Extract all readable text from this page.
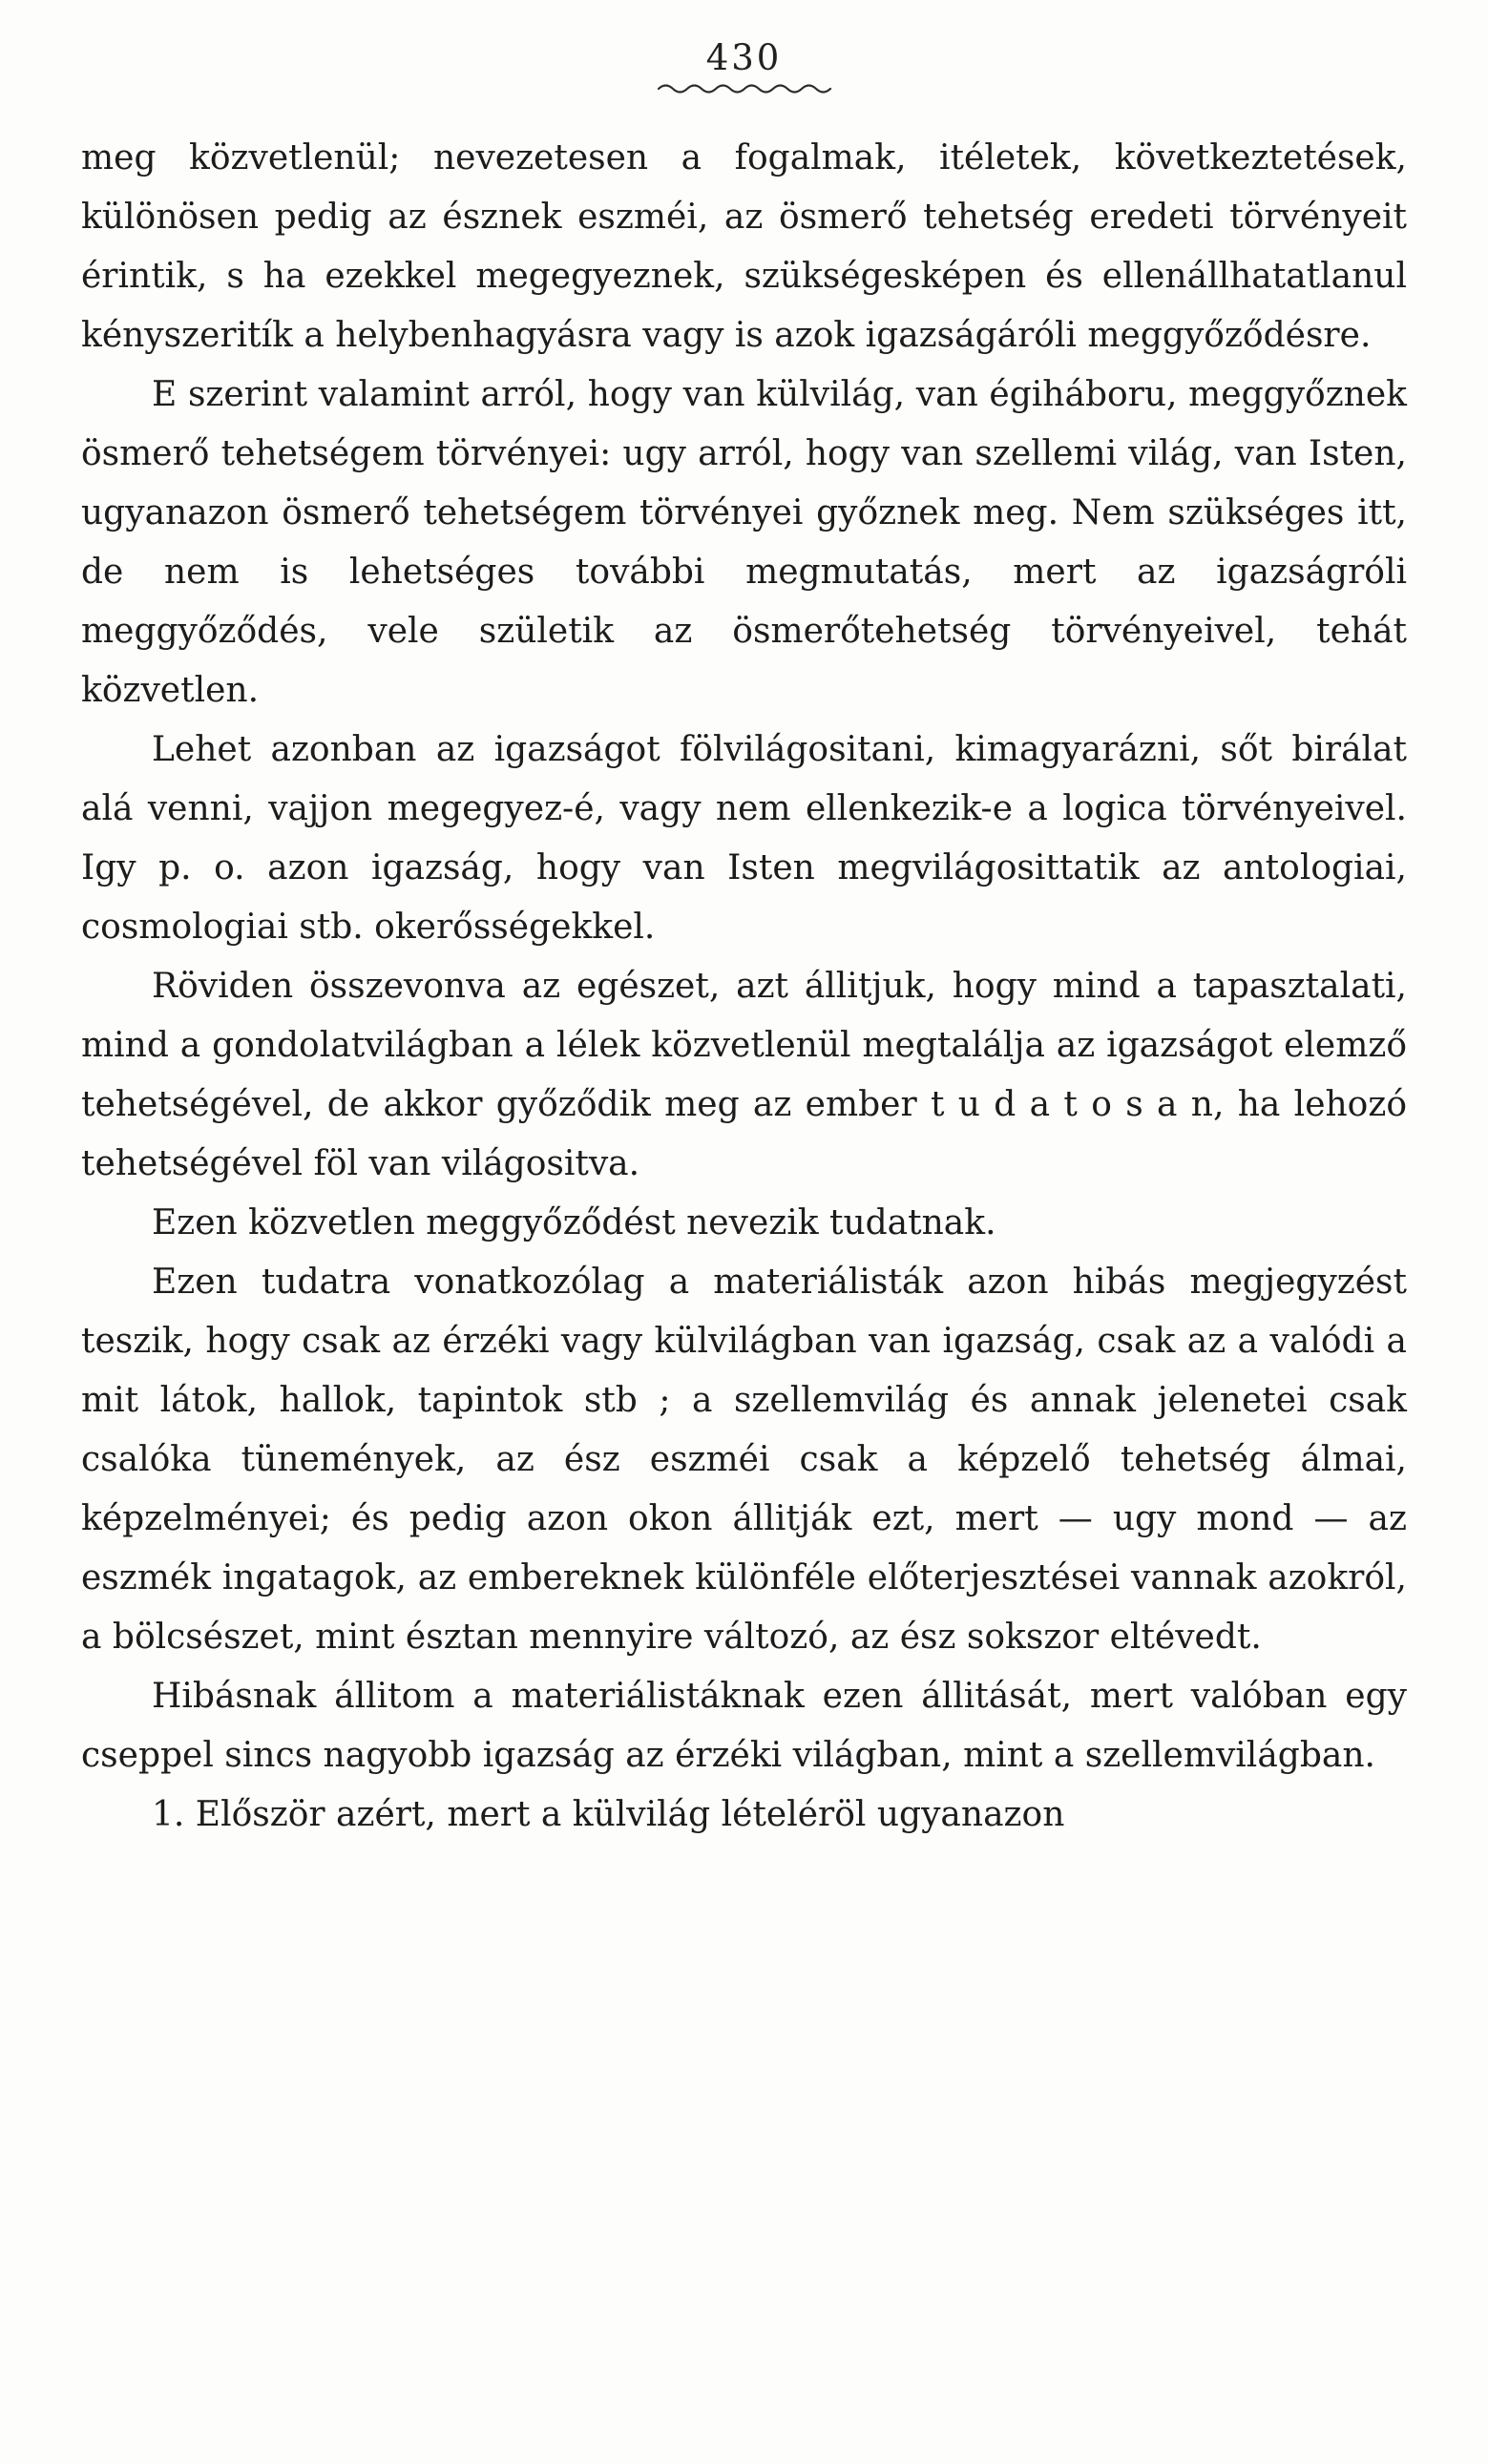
430

meg közvetlenül; nevezetesen a fogalmak, itéletek, következtetések, különösen pedig az észnek eszméi, az ösmerő tehetség eredeti törvényeit érintik, s ha ezekkel megegyeznek, szükségesképen és ellenállhatatlanul kényszeritík a helybenhagyásra vagy is azok igazságáróli meggyőződésre.

E szerint valamint arról, hogy van külvilág, van égiháboru, meggyőznek ösmerő tehetségem törvényei: ugy arról, hogy van szellemi világ, van Isten, ugyanazon ösmerő tehetségem törvényei győznek meg. Nem szükséges itt, de nem is lehetséges további megmutatás, mert az igazságróli meggyőződés, vele születik az ösmerőtehetség törvényeivel, tehát közvetlen.

Lehet azonban az igazságot fölvilágositani, kimagyarázni, sőt birálat alá venni, vajjon megegyez-é, vagy nem ellenkezik-e a logica törvényeivel. Igy p. o. azon igazság, hogy van Isten megvilágosittatik az antologiai, cosmologiai stb. okerősségekkel.

Röviden összevonva az egészet, azt állitjuk, hogy mind a tapasztalati, mind a gondolatvilágban a lélek közvetlenül megtalálja az igazságot elemző tehetségével, de akkor győződik meg az ember t u d a t o s a n, ha lehozó tehetségével föl van világositva.

Ezen közvetlen meggyőződést nevezik tudatnak.

Ezen tudatra vonatkozólag a materiálisták azon hibás megjegyzést teszik, hogy csak az érzéki vagy külvilágban van igazság, csak az a valódi a mit látok, hallok, tapintok stb ; a szellemvilág és annak jelenetei csak csalóka tünemények, az ész eszméi csak a képzelő tehetség álmai, képzelményei; és pedig azon okon állitják ezt, mert — ugy mond — az eszmék ingatagok, az embereknek különféle előterjesztései vannak azokról, a bölcsészet, mint észtan mennyire változó, az ész sokszor eltévedt.

Hibásnak állitom a materiálistáknak ezen állitását, mert valóban egy cseppel sincs nagyobb igazság az érzéki világban, mint a szellemvilágban.

1. Először azért, mert a külvilág lételéröl ugyanazon
